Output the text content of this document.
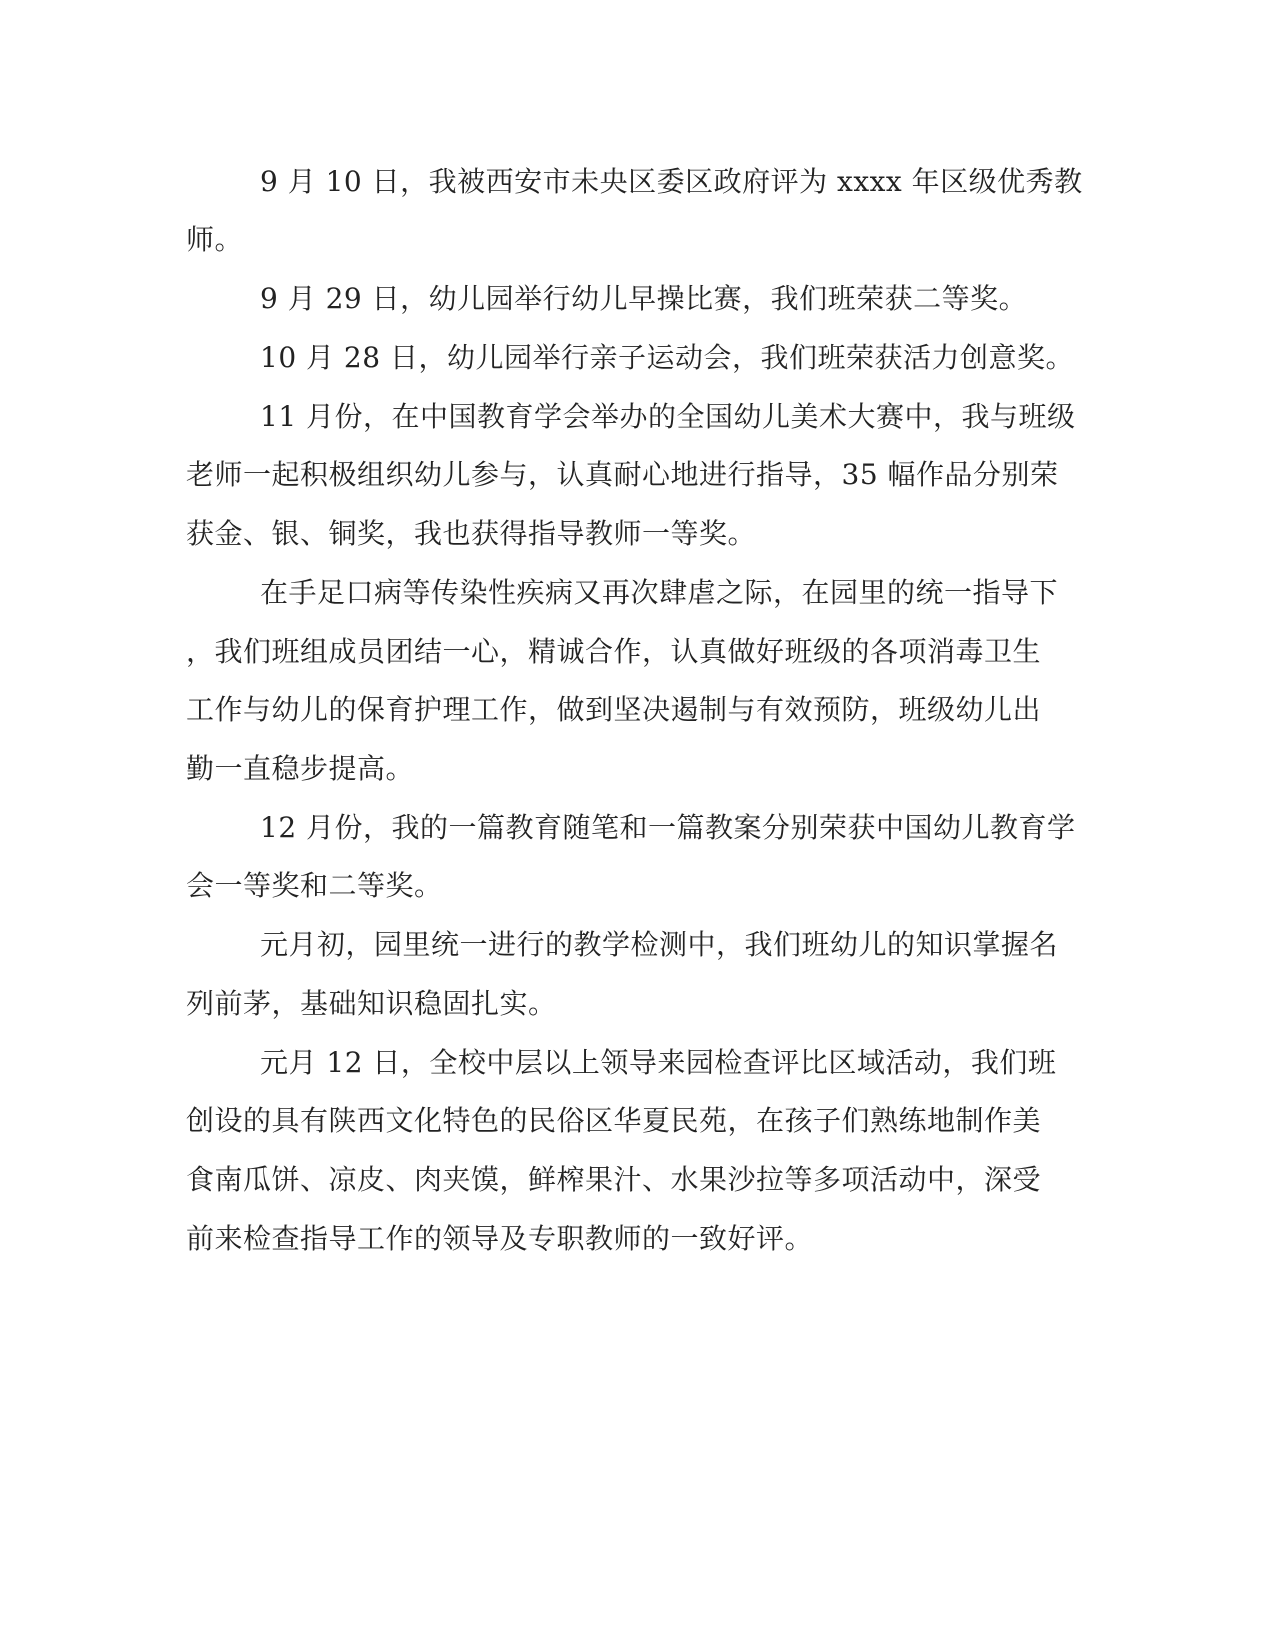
9 月 10 日，我被西安市未央区委区政府评为 xxxx 年区级优秀教
师。
9 月 29 日，幼儿园举行幼儿早操比赛，我们班荣获二等奖。
10 月 28 日，幼儿园举行亲子运动会，我们班荣获活力创意奖。
11 月份，在中国教育学会举办的全国幼儿美术大赛中，我与班级
老师一起积极组织幼儿参与，认真耐心地进行指导，35 幅作品分别荣
获金、银、铜奖，我也获得指导教师一等奖。
在手足口病等传染性疾病又再次肆虐之际，在园里的统一指导下
，我们班组成员团结一心，精诚合作，认真做好班级的各项消毒卫生
工作与幼儿的保育护理工作，做到坚决遏制与有效预防，班级幼儿出
勤一直稳步提高。
12 月份，我的一篇教育随笔和一篇教案分别荣获中国幼儿教育学
会一等奖和二等奖。
元月初，园里统一进行的教学检测中，我们班幼儿的知识掌握名
列前茅，基础知识稳固扎实。
元月 12 日，全校中层以上领导来园检查评比区域活动，我们班
创设的具有陕西文化特色的民俗区华夏民苑，在孩子们熟练地制作美
食南瓜饼、凉皮、肉夹馍，鲜榨果汁、水果沙拉等多项活动中，深受
前来检查指导工作的领导及专职教师的一致好评。
